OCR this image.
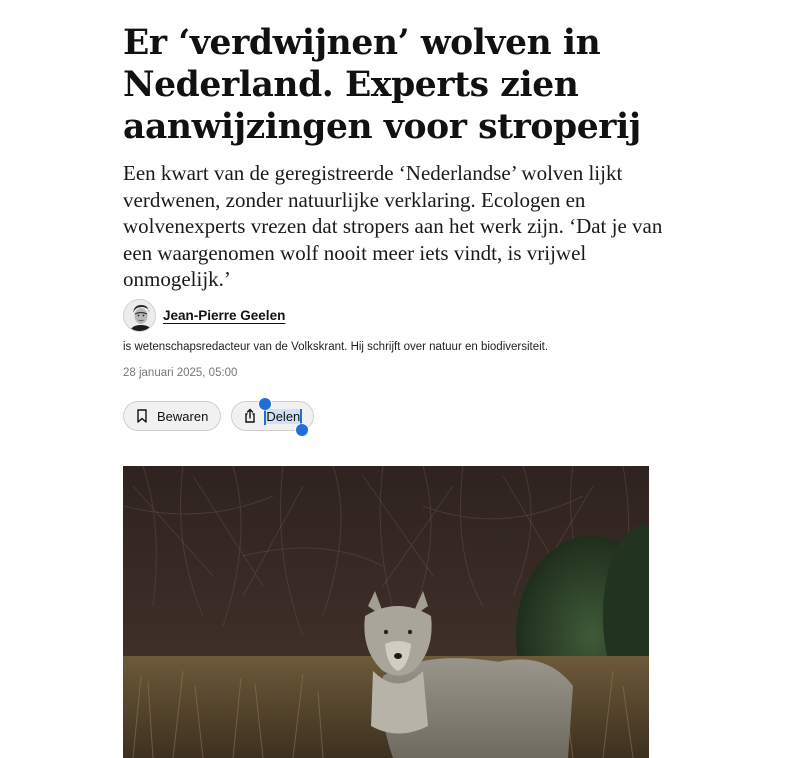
Er ‘verdwijnen’ wolven in Nederland. Experts zien aanwijzingen voor stroperij

Een kwart van de geregistreerde ‘Nederlandse’ wolven lijkt verdwenen, zonder natuurlijke verklaring. Ecologen en wolvenexperts vrezen dat stropers aan het werk zijn. ‘Dat je van een waargenomen wolf nooit meer iets vindt, is vrijwel onmogelijk.’

Jean-Pierre Geelen
is wetenschapsredacteur van de Volkskrant. Hij schrijft over natuur en biodiversiteit.
28 januari 2025, 05:00
Bewaren	Delen
